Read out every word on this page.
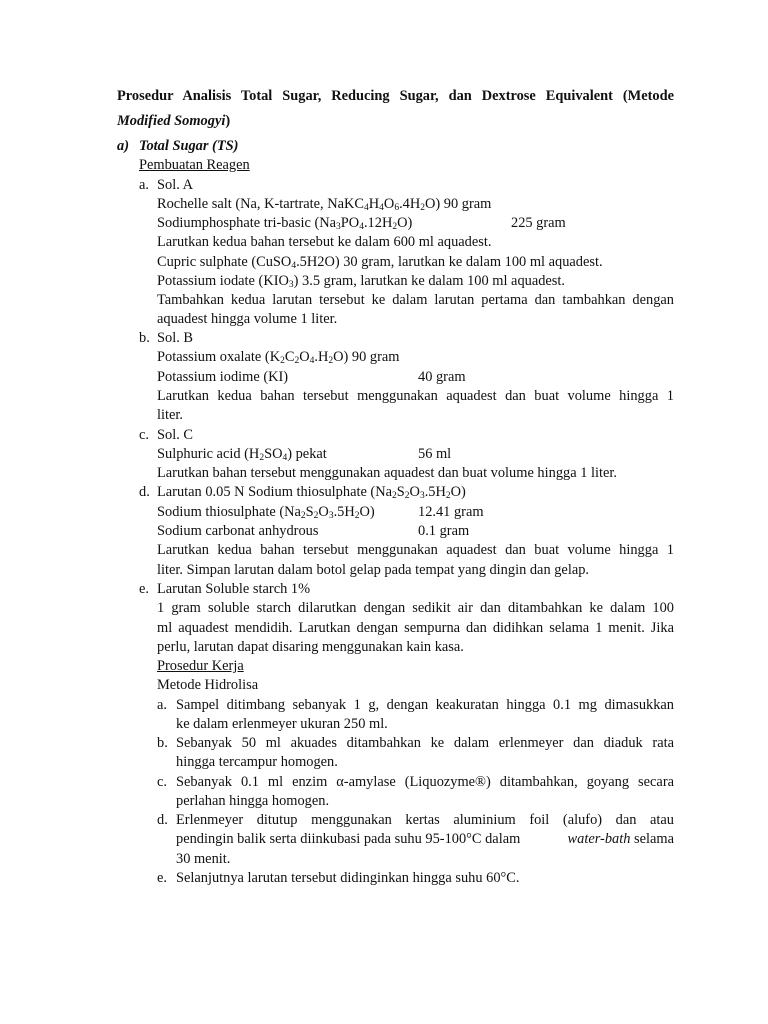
Prosedur Analisis Total Sugar, Reducing Sugar, dan Dextrose Equivalent (Metode
Modified Somogyi)
a) Total Sugar (TS)
Pembuatan Reagen
a. Sol. A
Rochelle salt (Na, K-tartrate, $NaKC_4H_4O_6.4H_2O$) 90 gram
Sodiumphosphate tri-basic $(Na_3PO_4.12H_2O)$	225 gram
Larutkan kedua bahan tersebut ke dalam 600 ml aquadest.
Cupric sulphate (CuSO$_4$.5H2O) 30 gram, larutkan ke dalam 100 ml aquadest.
Potassium iodate $(KIO_3)$ 3.5 gram, larutkan ke dalam 100 ml aquadest.
Tambahkan kedua larutan tersebut ke dalam larutan pertama dan tambahkan dengan
aquadest hingga volume 1 liter.
b. Sol. B
Potassium oxalate $(K_2C_2O_4.H_2O)$ 90 gram
Potassium iodime (KI)	40 gram
Larutkan kedua bahan tersebut menggunakan aquadest dan buat volume hingga 1
liter.
c. Sol. C
Sulphuric acid $(H_2SO_4)$ pekat	56 ml
Larutkan bahan tersebut menggunakan aquadest dan buat volume hingga 1 liter.
d. Larutan 0.05 N Sodium thiosulphate $(Na_2S_2O_3.5H_2O)$
Sodium thiosulphate $(Na_2S_2O_3.5H_2O)$	12.41 gram
Sodium carbonat anhydrous	0.1 gram
Larutkan kedua bahan tersebut menggunakan aquadest dan buat volume hingga 1
liter. Simpan larutan dalam botol gelap pada tempat yang dingin dan gelap.
e. Larutan Soluble starch 1%
1 gram soluble starch dilarutkan dengan sedikit air dan ditambahkan ke dalam 100
ml aquadest mendidih. Larutkan dengan sempurna dan didihkan selama 1 menit. Jika
perlu, larutan dapat disaring menggunakan kain kasa.
Prosedur Kerja
Metode Hidrolisa
a. Sampel ditimbang sebanyak 1 g, dengan keakuratan hingga 0.1 mg dimasukkan
ke dalam erlenmeyer ukuran 250 ml.
b. Sebanyak 50 ml akuades ditambahkan ke dalam erlenmeyer dan diaduk rata
hingga tercampur homogen.
c. Sebanyak 0.1 ml enzim α-amylase (Liquozyme®) ditambahkan, goyang secara
perlahan hingga homogen.
d. Erlenmeyer ditutup menggunakan kertas aluminium foil (alufo) dan atau
pendingin balik serta diinkubasi pada suhu 95-100°C dalam	water-bath selama
30 menit.
e. Selanjutnya larutan tersebut didinginkan hingga suhu 60°C.
